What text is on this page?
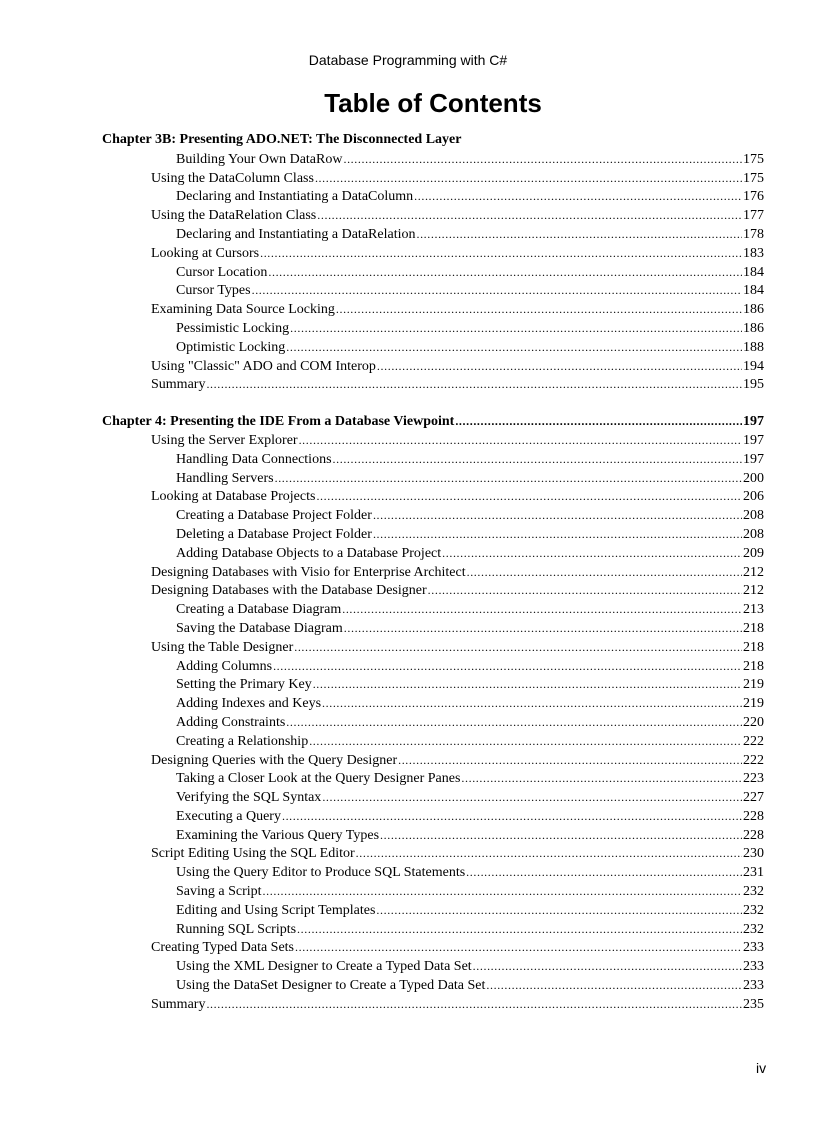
Database Programming with C#
Table of Contents
Chapter 3B: Presenting ADO.NET: The Disconnected Layer
Building Your Own DataRow .....	175
Using the DataColumn Class .....	175
Declaring and Instantiating a DataColumn .....	176
Using the DataRelation Class .....	177
Declaring and Instantiating a DataRelation .....	178
Looking at Cursors .....	183
Cursor Location .....	184
Cursor Types .....	184
Examining Data Source Locking .....	186
Pessimistic Locking .....	186
Optimistic Locking .....	188
Using "Classic" ADO and COM Interop .....	194
Summary .....	195
Chapter 4: Presenting the IDE From a Database Viewpoint .....	197
Using the Server Explorer .....	197
Handling Data Connections .....	197
Handling Servers .....	200
Looking at Database Projects .....	206
Creating a Database Project Folder .....	208
Deleting a Database Project Folder .....	208
Adding Database Objects to a Database Project .....	209
Designing Databases with Visio for Enterprise Architect .....	212
Designing Databases with the Database Designer .....	212
Creating a Database Diagram .....	213
Saving the Database Diagram .....	218
Using the Table Designer .....	218
Adding Columns .....	218
Setting the Primary Key .....	219
Adding Indexes and Keys .....	219
Adding Constraints .....	220
Creating a Relationship .....	222
Designing Queries with the Query Designer .....	222
Taking a Closer Look at the Query Designer Panes .....	223
Verifying the SQL Syntax .....	227
Executing a Query .....	228
Examining the Various Query Types .....	228
Script Editing Using the SQL Editor .....	230
Using the Query Editor to Produce SQL Statements .....	231
Saving a Script .....	232
Editing and Using Script Templates .....	232
Running SQL Scripts .....	232
Creating Typed Data Sets .....	233
Using the XML Designer to Create a Typed Data Set .....	233
Using the DataSet Designer to Create a Typed Data Set .....	233
Summary .....	235
iv
